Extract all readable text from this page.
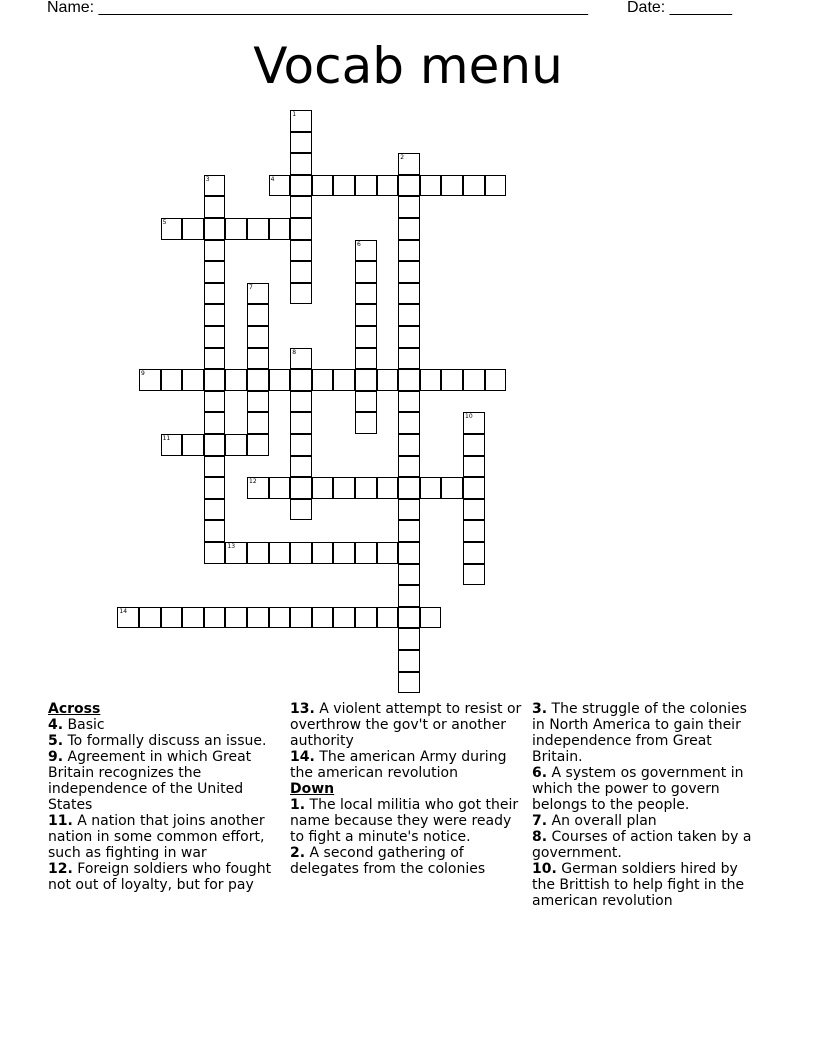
Name: _______________________________________________________ Date: _______
Vocab menu
1
2
3	4
5
6
7
8
9
10
11
12
13
14

Across

4. Basic

5. To formally discuss an issue.

9. Agreement in which Great Britain recognizes the independence of the United States

11. A nation that joins another nation in some common effort, such as fighting in war

12. Foreign soldiers who fought not out of loyalty, but for pay

13. A violent attempt to resist or overthrow the gov't or another authority

14. The american Army during the american revolution

Down

1. The local militia who got their name because they were ready to fight a minute's notice.

2. A second gathering of delegates from the colonies

3. The struggle of the colonies in North America to gain their independence from Great Britain.

6. A system os government in which the power to govern belongs to the people.

7. An overall plan

8. Courses of action taken by a government.

10. German soldiers hired by the Brittish to help fight in the american revolution
